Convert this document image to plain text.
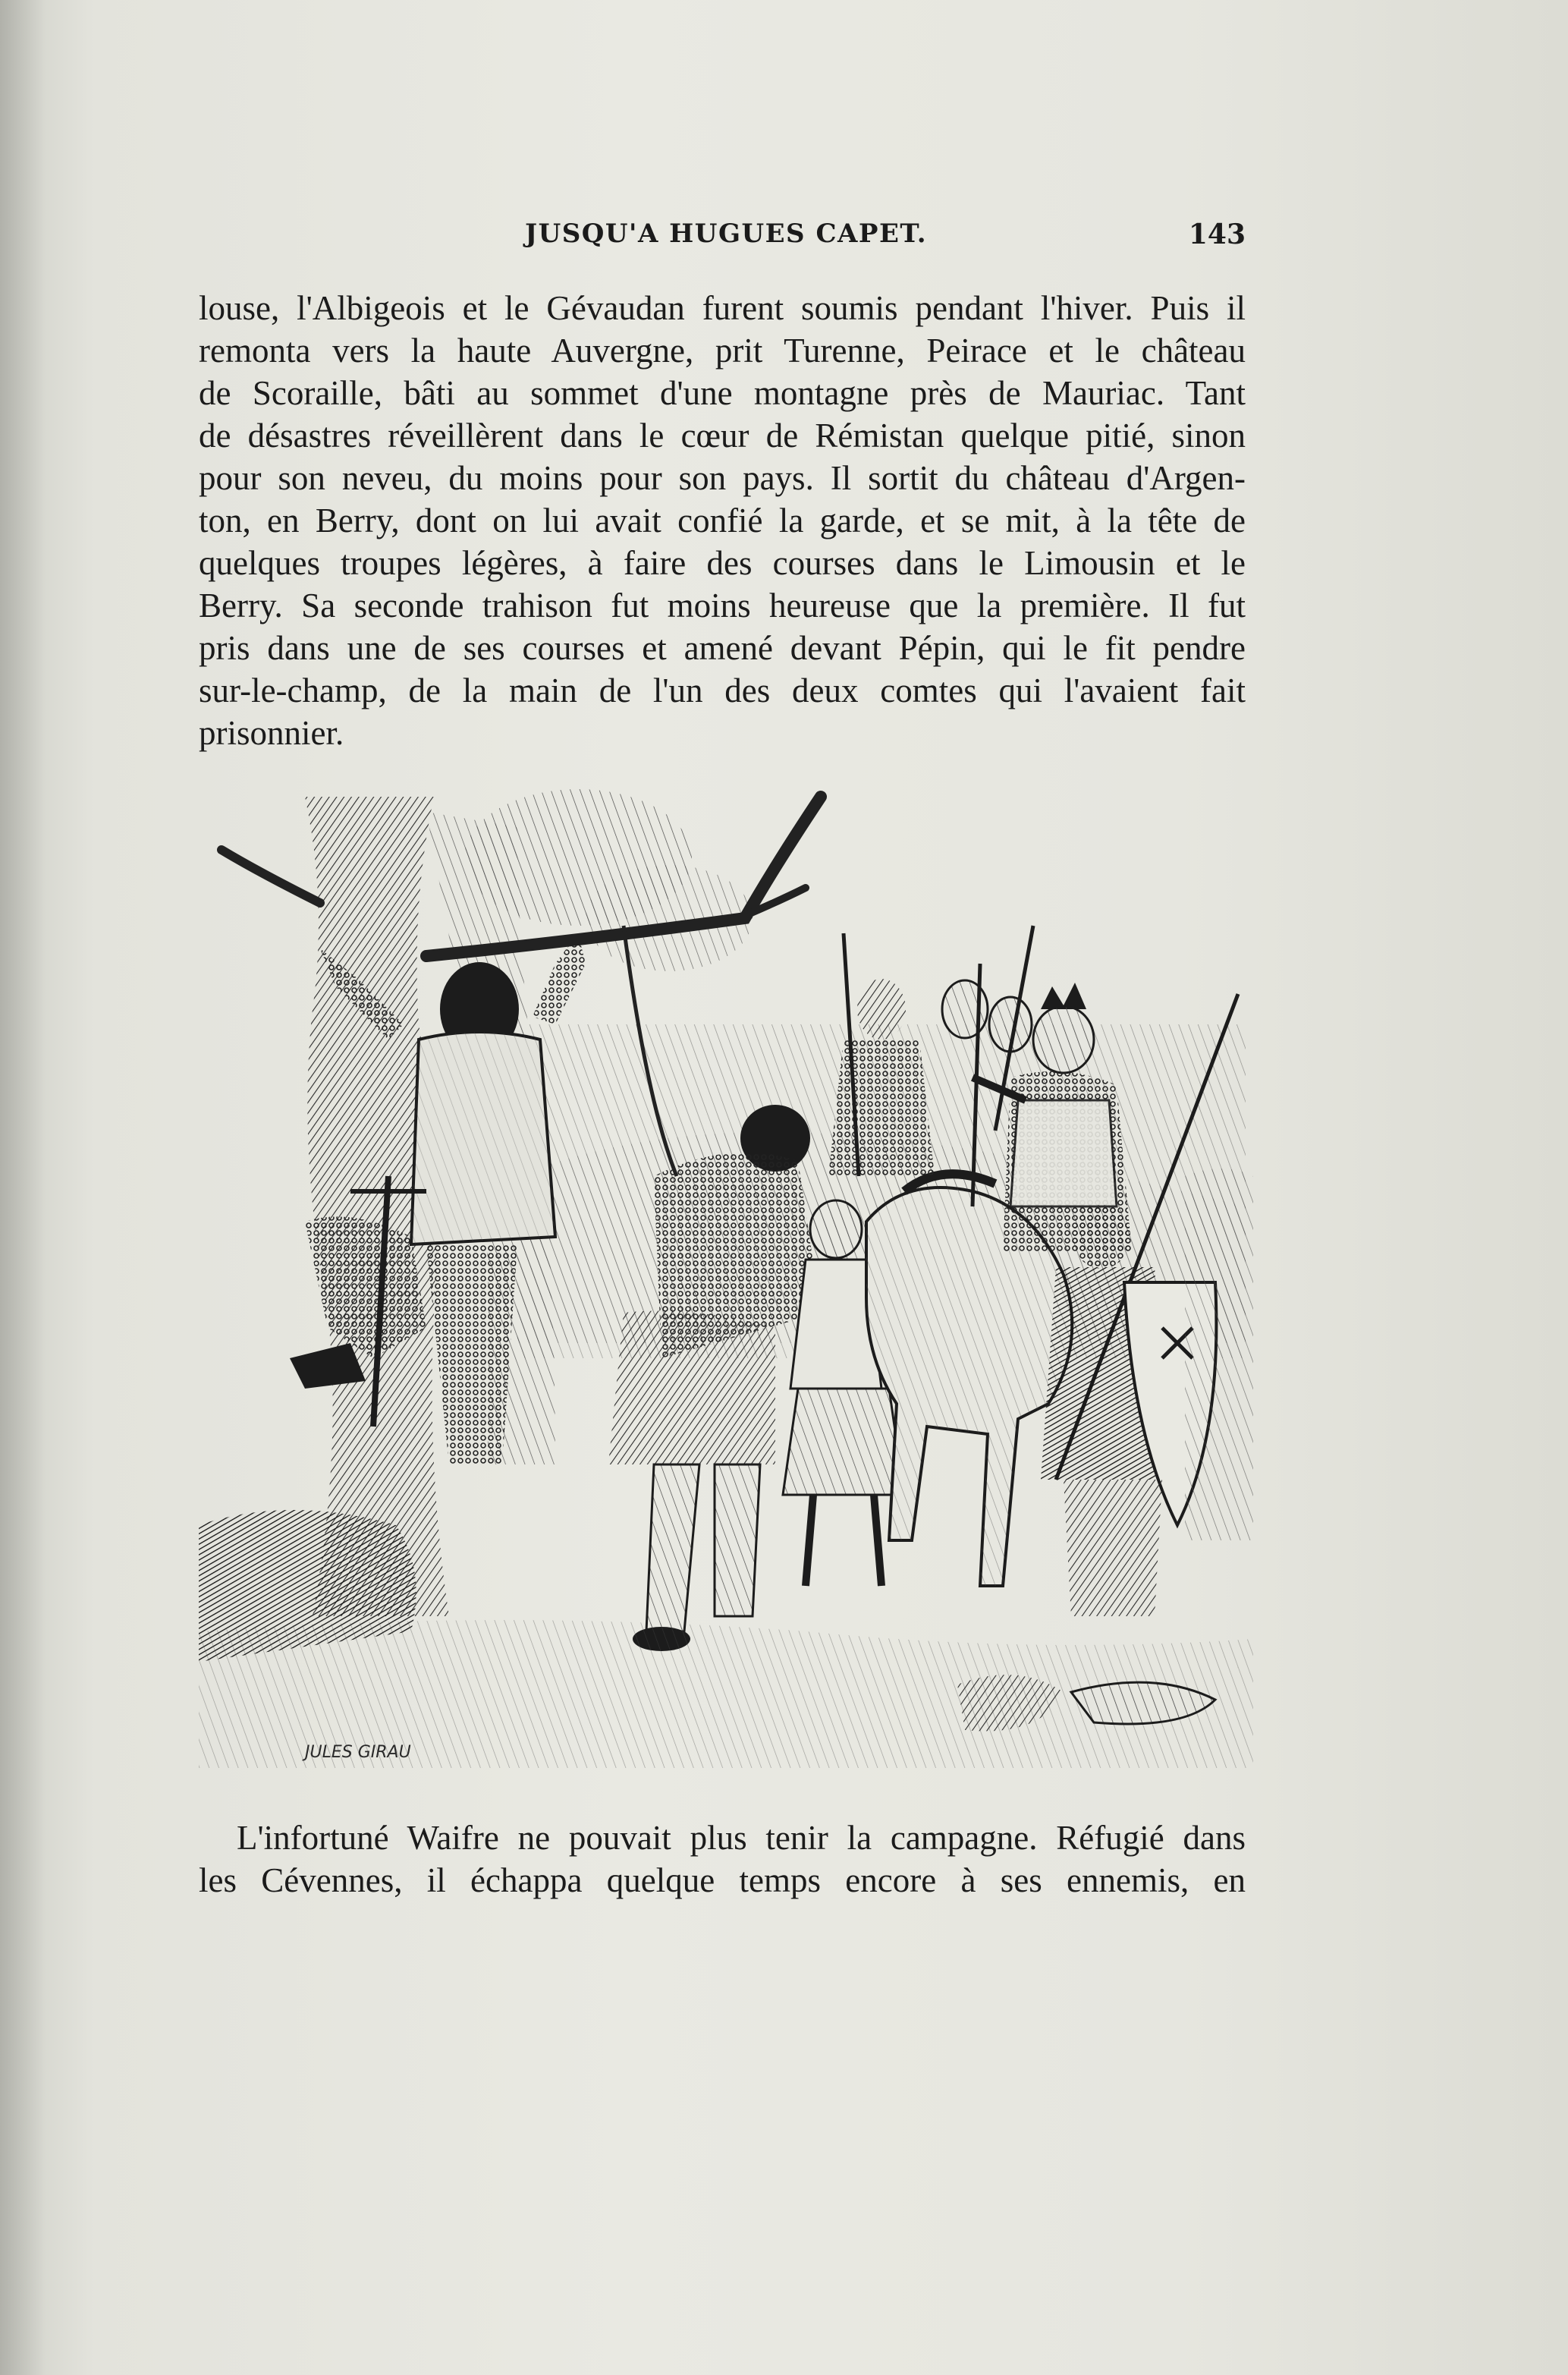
JUSQU'A HUGUES CAPET.	143
louse, l'Albigeois et le Gévaudan furent soumis pendant l'hiver. Puis il
remonta vers la haute Auvergne, prit Turenne, Peirace et le château
de Scoraille, bâti au sommet d'une montagne près de Mauriac. Tant
de désastres réveillèrent dans le cœur de Rémistan quelque pitié, sinon
pour son neveu, du moins pour son pays. Il sortit du château d'Argen-
ton, en Berry, dont on lui avait confié la garde, et se mit, à la tête de
quelques troupes légères, à faire des courses dans le Limousin et le
Berry. Sa seconde trahison fut moins heureuse que la première. Il fut
pris dans une de ses courses et amené devant Pépin, qui le fit pendre
sur-le-champ, de la main de l'un des deux comtes qui l'avaient fait
prisonnier.
JULES GIRAU
L'infortuné Waifre ne pouvait plus tenir la campagne. Réfugié dans
les Cévennes, il échappa quelque temps encore à ses ennemis, en
